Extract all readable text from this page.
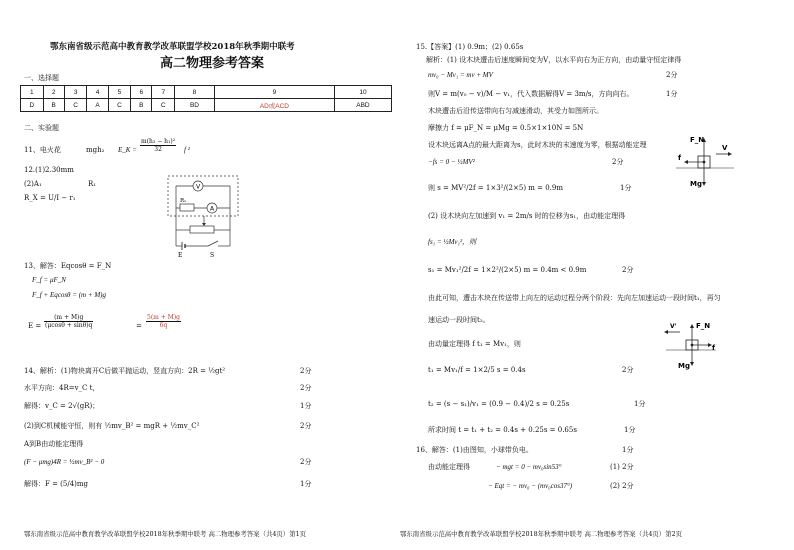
鄂东南省级示范高中教育教学改革联盟学校2018年秋季期中联考
高二物理参考答案
一、选择题
1	2	3	4	5	6	7	8	9	10
D	B	C	A	C	B	C	BD	AD或ACD	ABD
二、实验题
11、电火花	mgh₂ E_K = $\frac{\text{m(h₃ − h₁)²}}{32}$ f ²
12.(1)2.30mm
(2)A₁	R₁
R_X = U/I − r₁
V
Rₓ
A
E	S
13、解答：Eqcosθ = F_N
F_f = μF_N
F_f + Eqcosθ = (m + M)g
$E = \frac{(m + M)g}{(\mu\cos\theta + \sin\theta)q}$	= $\frac{5(m + M)g}{6q}$
14、解析：(1)物块离开C后做平抛运动，竖直方向：2R = ½gt²	2分
水平方向：4R=v_C t，	2分
解得：v_C = 2√(gR)；	1分
(2)到C机械能守恒，则有 ½mv_B² = mgR + ½mv_C²	2分
A到B由动能定理得
(F − μmg)4R = ½mv_B² − 0	2分
解得：F = (5/4)mg	1分
15.【答案】(1) 0.9m；(2) 0.65s
解析：(1) 设木块遭击后速度瞬间变为V，以水平向右为正方向，由动量守恒定律得
mv₀ − Mv₁ = mv + MV	2分
则V = m(v₀ − v)/M − v₁，代入数据解得V = 3m/s，方向向右。	1分
木块遭击后沿传送带向右匀减速滑动，其受力如图所示。
摩擦力 f = μF_N = μMg = 0.5×1×10N = 5N
设木块远离A点的最大距离为s，此时木块的末速度为零，根据动能定理
−fs = 0 − ½MV²	2分
则 s = MV²/2f = 1×3²/(2×5) m = 0.9m	1分
F_N
V
f
Mg
(2) 设木块向左加速到 v₁ = 2m/s 时的位移为s₁，由动能定理得
fs₁ = ½Mv₁²，则
s₁ = Mv₁²/2f = 1×2²/(2×5) m = 0.4m < 0.9m	2分
由此可知，遭击木块在传送带上向左的运动过程分两个阶段：先向左加速运动一段时间t₁，再匀
速运动一段时间t₂。
由动量定理得 f t₁ = Mv₁，则
t₁ = Mv₁/f = 1×2/5 s = 0.4s	2分
t₂ = (s − s₁)/v₁ = (0.9 − 0.4)/2 s = 0.25s	1分
所求时间 t = t₁ + t₂ = 0.4s + 0.25s = 0.65s	1分
V'	F_N
f
Mg
16、解答：(1)由图知，小球带负电。	1分
由动能定理得	− mgt = 0 − mv₀sin53°	(1) 2分
− Eqt = − mv₀ − (mv₀cos37°)	(2) 2分
鄂东南省级示范高中教育教学改革联盟学校2018年秋季期中联考 高二物理参考答案（共4页）第1页	鄂东南省级示范高中教育教学改革联盟学校2018年秋季期中联考 高二物理参考答案（共4页）第2页
